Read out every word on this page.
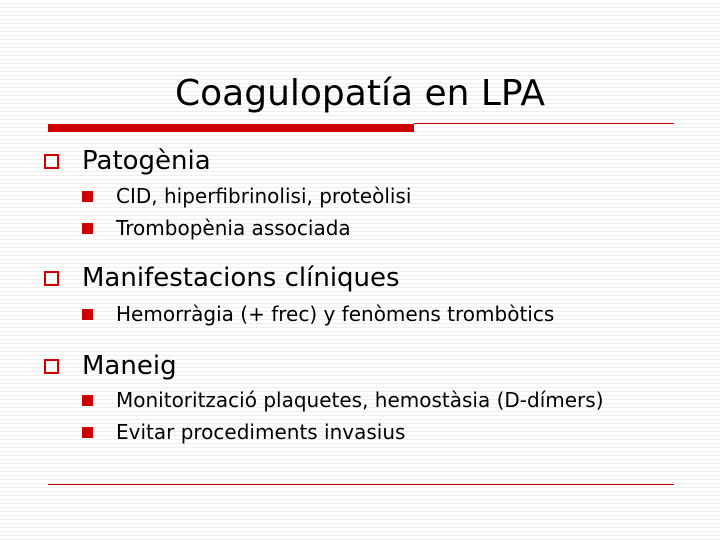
Coagulopatía en LPA
Patogènia
CID, hiperfibrinolisi, proteòlisi
Trombopènia associada
Manifestacions clíniques
Hemorràgia (+ frec) y fenòmens trombòtics
Maneig
Monitorització plaquetes, hemostàsia (D-dímers)
Evitar procediments invasius
